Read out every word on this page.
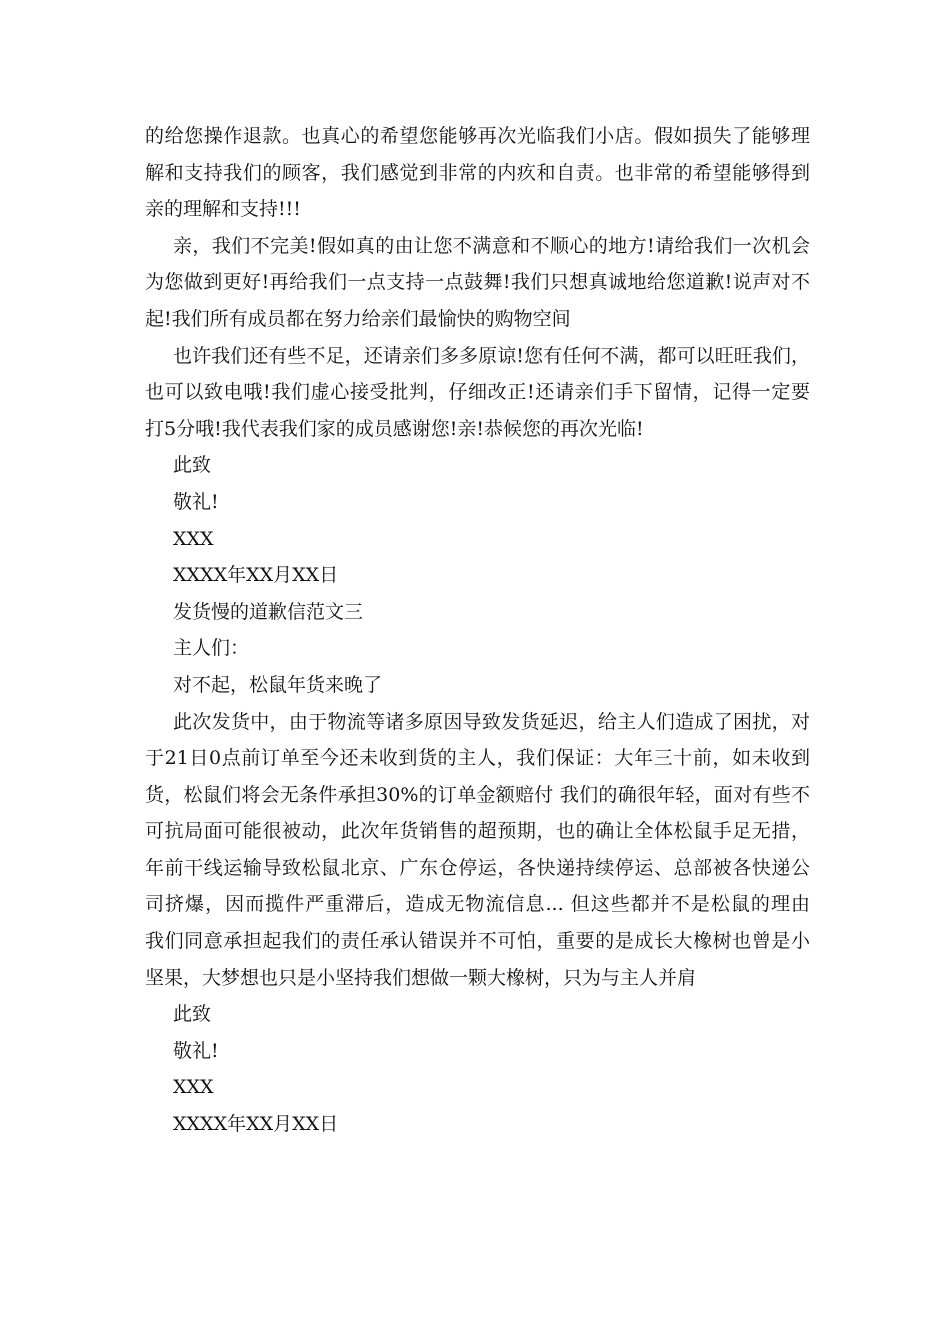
的给您操作退款。也真心的希望您能够再次光临我们小店。假如损失了能够理
解和支持我们的顾客，我们感觉到非常的内疚和自责。也非常的希望能够得到
亲的理解和支持!!!
亲，我们不完美!假如真的由让您不满意和不顺心的地方!请给我们一次机会
为您做到更好!再给我们一点支持一点鼓舞!我们只想真诚地给您道歉!说声对不
起!我们所有成员都在努力给亲们最愉快的购物空间
也许我们还有些不足，还请亲们多多原谅!您有任何不满，都可以旺旺我们，
也可以致电哦!我们虚心接受批判，仔细改正!还请亲们手下留情，记得一定要
打5分哦!我代表我们家的成员感谢您!亲!恭候您的再次光临!
此致
敬礼!
XXX
XXXX年XX月XX日
发货慢的道歉信范文三
主人们：
对不起，松鼠年货来晚了
此次发货中，由于物流等诸多原因导致发货延迟，给主人们造成了困扰，对
于21日0点前订单至今还未收到货的主人，我们保证：大年三十前，如未收到
货，松鼠们将会无条件承担30%的订单金额赔付 我们的确很年轻，面对有些不
可抗局面可能很被动，此次年货销售的超预期，也的确让全体松鼠手足无措，
年前干线运输导致松鼠北京、广东仓停运，各快递持续停运、总部被各快递公
司挤爆，因而揽件严重滞后，造成无物流信息... 但这些都并不是松鼠的理由
我们同意承担起我们的责任承认错误并不可怕，重要的是成长大橡树也曾是小
坚果，大梦想也只是小坚持我们想做一颗大橡树，只为与主人并肩
此致
敬礼!
XXX
XXXX年XX月XX日
